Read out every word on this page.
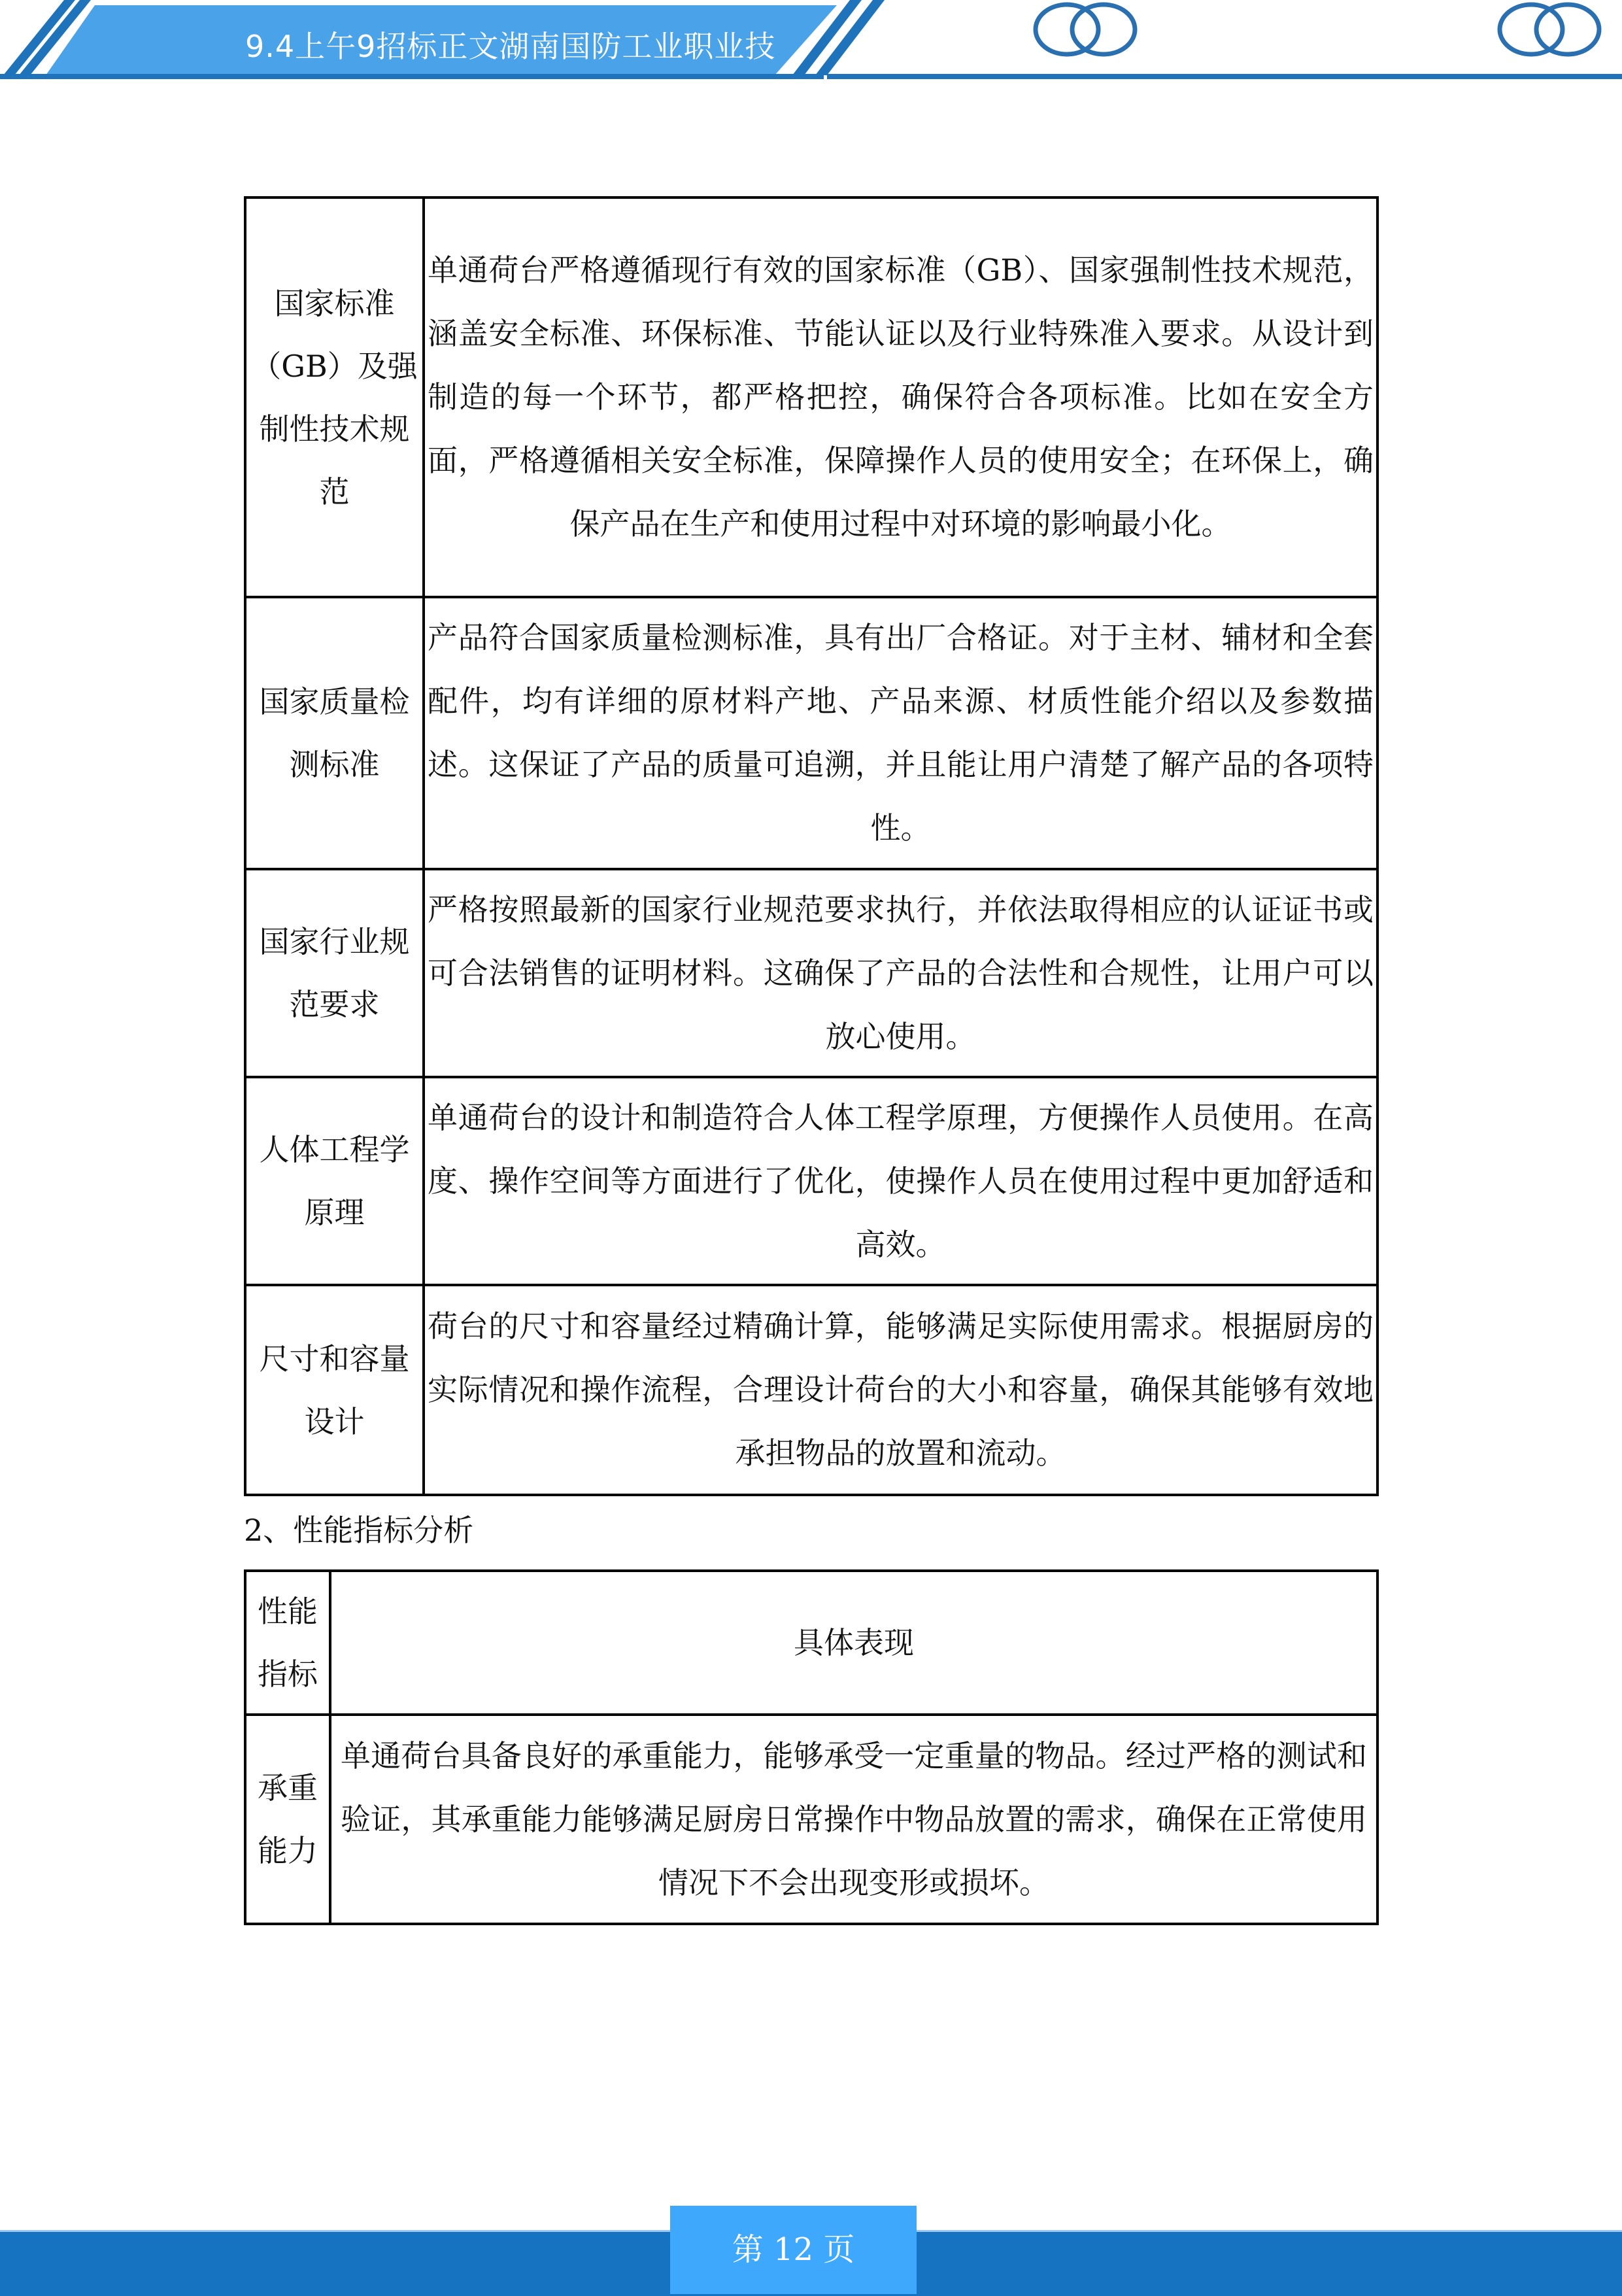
9.4上午9招标正文湖南国防工业职业技
国家标准（GB）及强制性技术规范	单通荷台严格遵循现行有效的国家标准（GB）、国家强制性技术规范，涵盖安全标准、环保标准、节能认证以及行业特殊准入要求。从设计到制造的每一个环节，都严格把控，确保符合各项标准。比如在安全方面，严格遵循相关安全标准，保障操作人员的使用安全；在环保上，确保产品在生产和使用过程中对环境的影响最小化。

国家质量检测标准	产品符合国家质量检测标准，具有出厂合格证。对于主材、辅材和全套配件，均有详细的原材料产地、产品来源、材质性能介绍以及参数描述。这保证了产品的质量可追溯，并且能让用户清楚了解产品的各项特性。

国家行业规范要求	严格按照最新的国家行业规范要求执行，并依法取得相应的认证证书或可合法销售的证明材料。这确保了产品的合法性和合规性，让用户可以放心使用。

人体工程学原理	单通荷台的设计和制造符合人体工程学原理，方便操作人员使用。在高度、操作空间等方面进行了优化，使操作人员在使用过程中更加舒适和高效。

尺寸和容量设计	荷台的尺寸和容量经过精确计算，能够满足实际使用需求。根据厨房的实际情况和操作流程，合理设计荷台的大小和容量，确保其能够有效地承担物品的放置和流动。
2、性能指标分析
性能指标	具体表现
承重能力	单通荷台具备良好的承重能力，能够承受一定重量的物品。经过严格的测试和验证，其承重能力能够满足厨房日常操作中物品放置的需求，确保在正常使用情况下不会出现变形或损坏。
第 12 页
